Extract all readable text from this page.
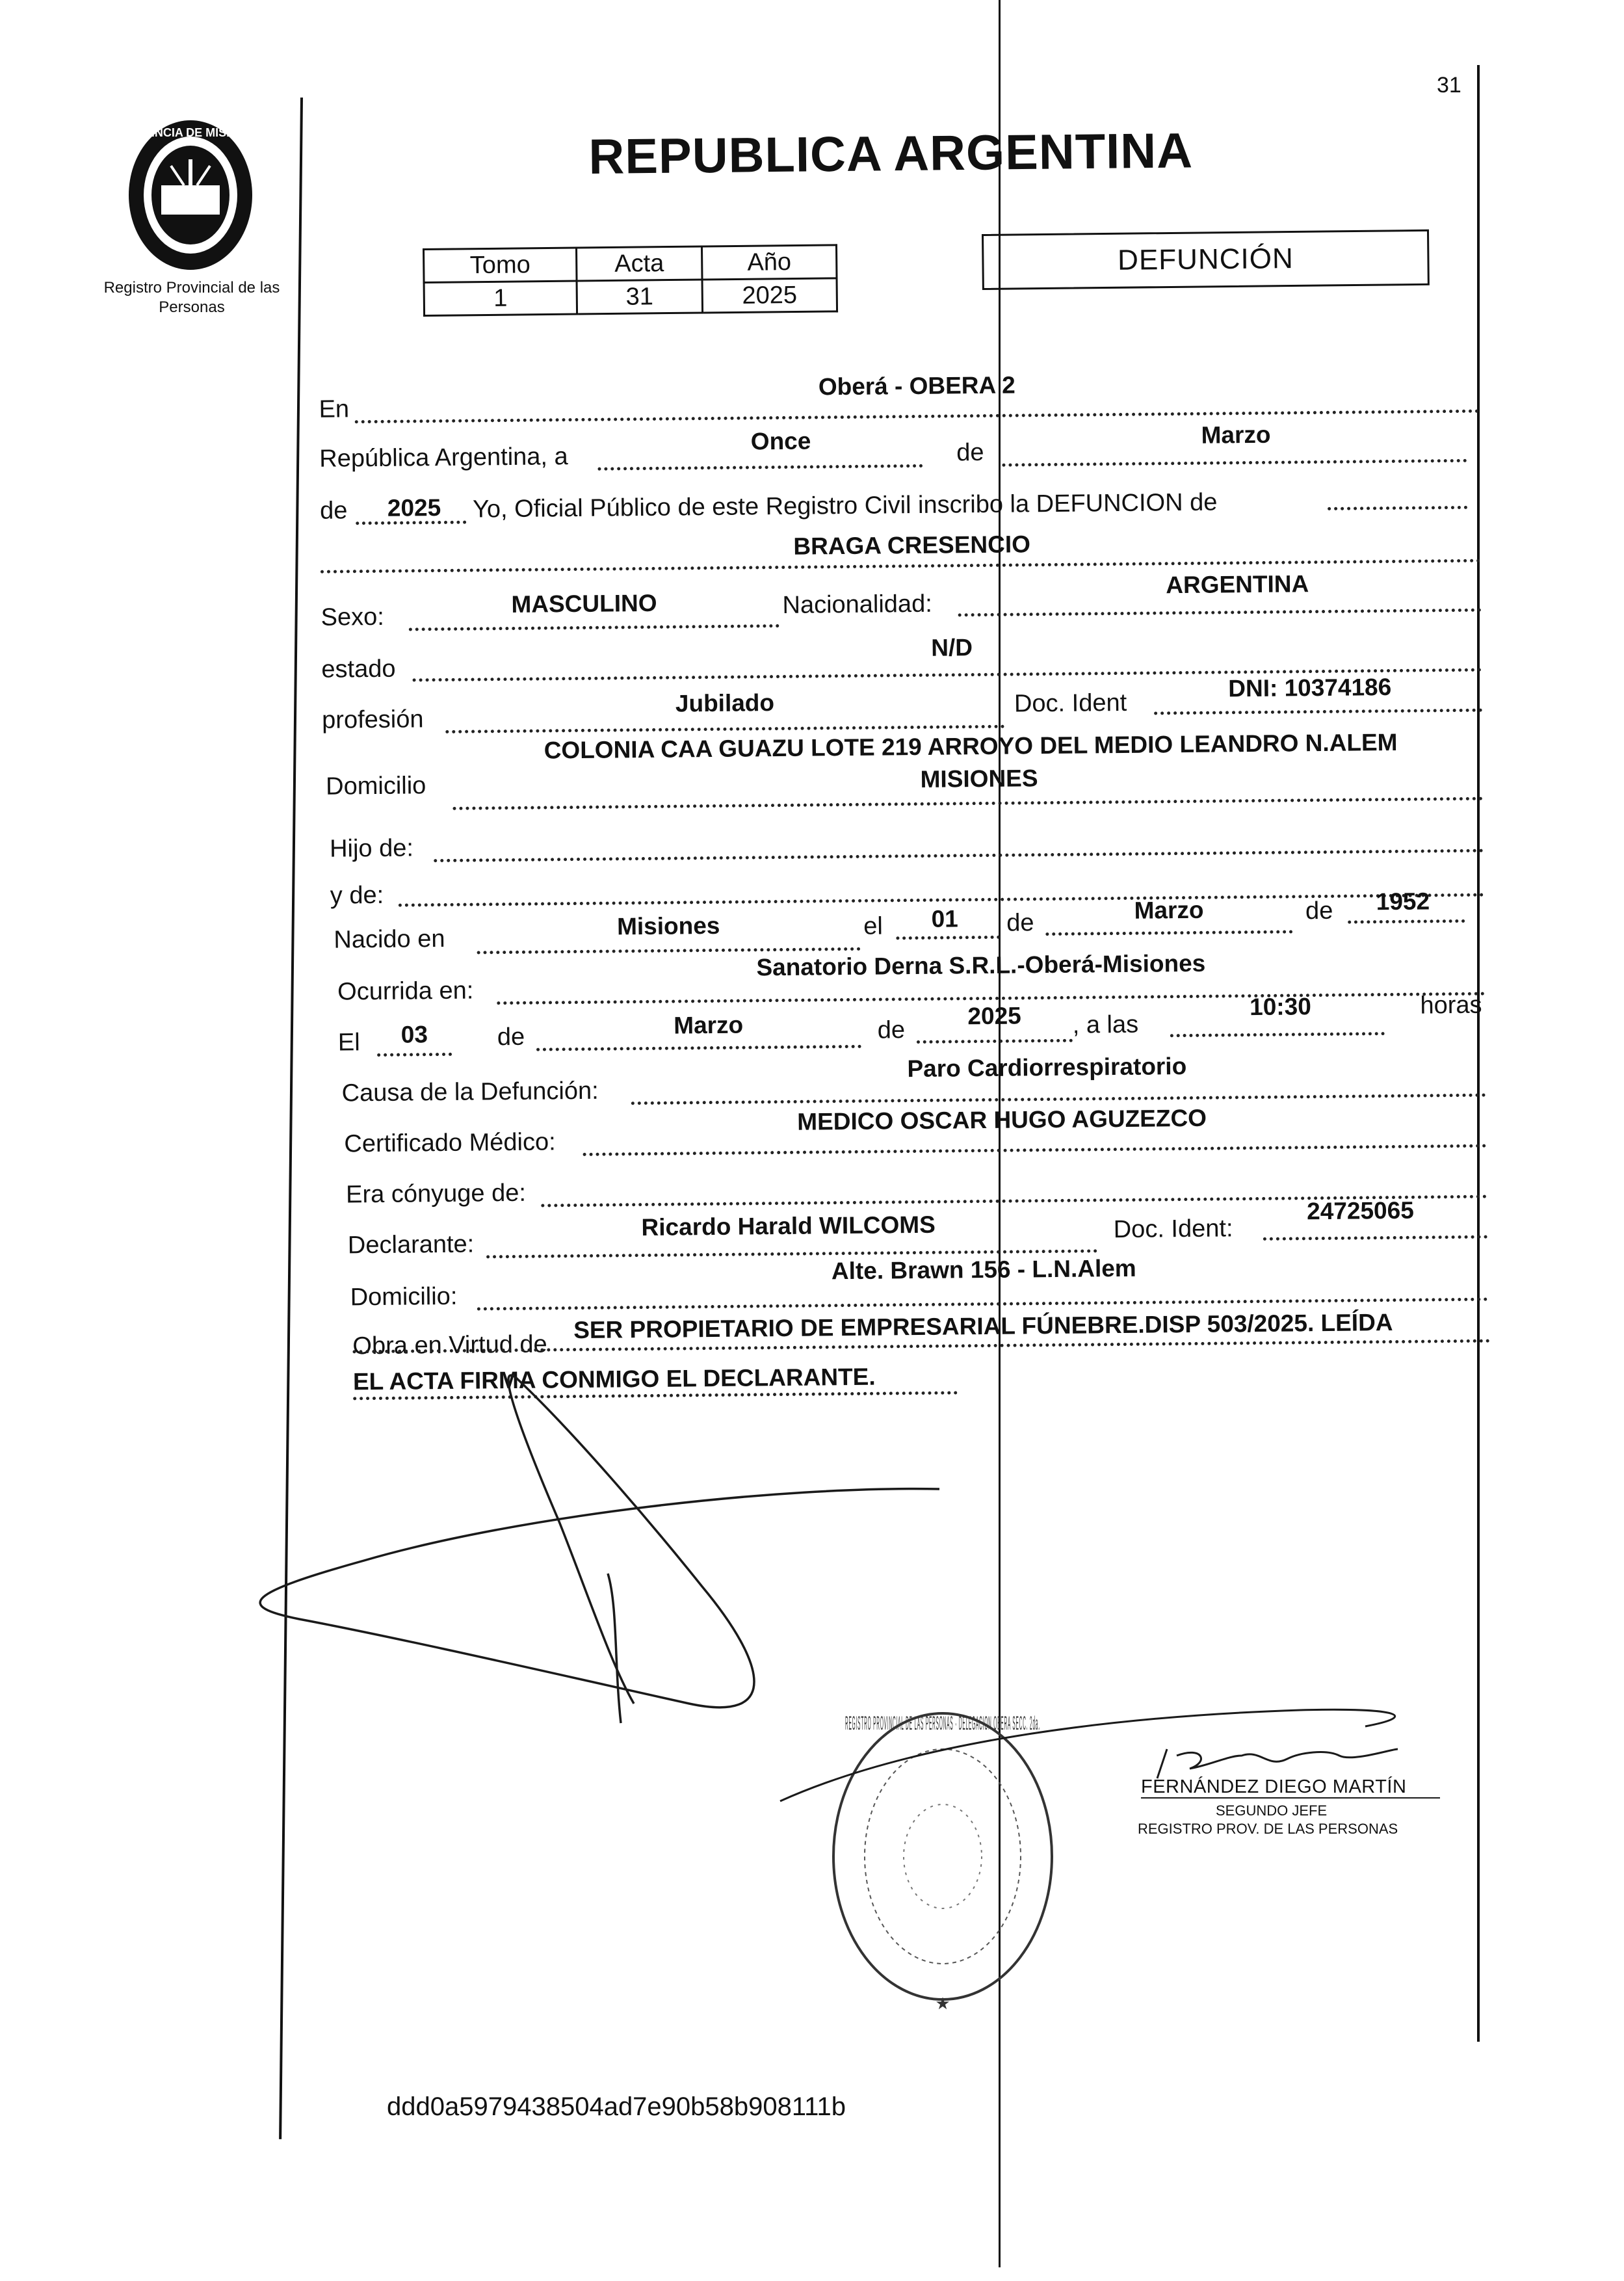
31
PROVINCIA DE MISIONES
Registro Provincial de las Personas
REPUBLICA ARGENTINA
Tomo	Acta	Año
1	31	2025
DEFUNCIÓN
En
Oberá - OBERA 2
República Argentina, a
Once	de
Marzo
de	2025	Yo, Oficial Público de este Registro Civil inscribo la DEFUNCION de
BRAGA CRESENCIO
Sexo:	MASCULINO	Nacionalidad:
ARGENTINA
estado
N/D
profesión
Jubilado	Doc. Ident
DNI: 10374186
COLONIA CAA GUAZU LOTE 219 ARROYO DEL MEDIO LEANDRO N.ALEM
Domicilio	MISIONES
Hijo de:
y de:
Nacido en	Misiones	el	01	de	Marzo	de	1952
Ocurrida en:
Sanatorio Derna S.R.L.-Oberá-Misiones
El	03	de	Marzo	de
2025	, a las
10:30	horas
Causa de la Defunción:
Paro Cardiorrespiratorio
Certificado Médico:
MEDICO OSCAR HUGO AGUZEZCO
Era cónyuge de:
Declarante:
Ricardo Harald WILCOMS	Doc. Ident:
24725065
Domicilio:
Alte. Brawn 156 - L.N.Alem
Obra en Virtud de
SER PROPIETARIO DE EMPRESARIAL FÚNEBRE.DISP 503/2025. LEÍDA
EL ACTA FIRMA CONMIGO EL DECLARANTE.
REGISTRO PROVINCIAL DE LAS PERSONAS · DELEGACION OBERA SECC. 2da.
★
FERNÁNDEZ DIEGO MARTÍN
SEGUNDO JEFE
REGISTRO PROV. DE LAS PERSONAS
ddd0a5979438504ad7e90b58b908111b
